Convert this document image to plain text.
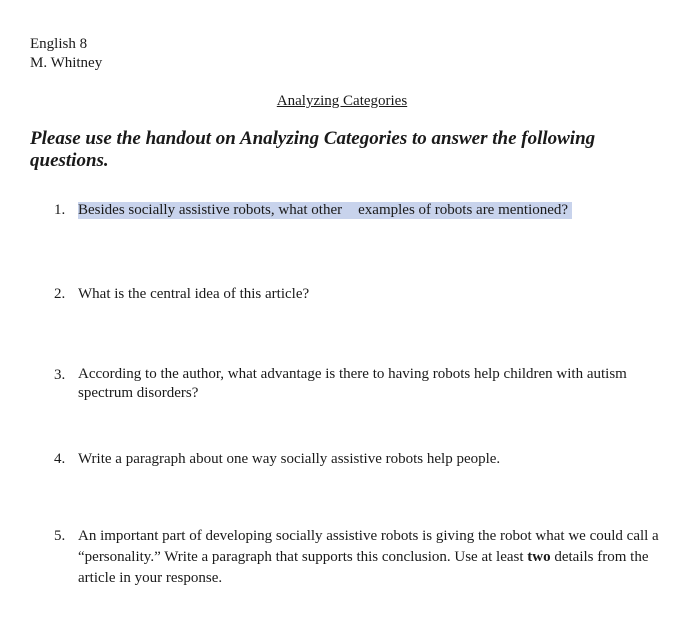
English 8
M. Whitney
Analyzing Categories
Please use the handout on Analyzing Categories to answer the following questions.
1. Besides socially assistive robots, what other examples of robots are mentioned?
2. What is the central idea of this article?
3. According to the author, what advantage is there to having robots help children with autism spectrum disorders?
4. Write a paragraph about one way socially assistive robots help people.
5. An important part of developing socially assistive robots is giving the robot what we could call a “personality.” Write a paragraph that supports this conclusion. Use at least two details from the article in your response.
